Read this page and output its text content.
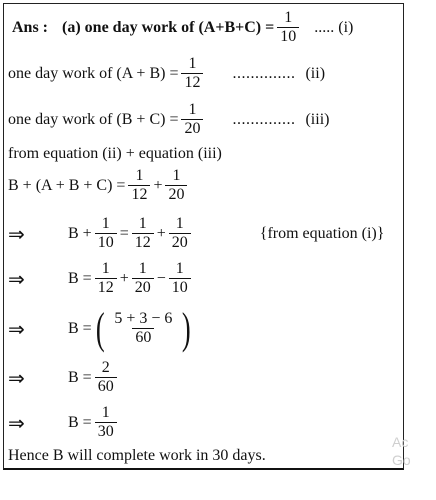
Ans : (a) one day work of $(A+B+C) = \frac{1}{10}$ ..... (i)
one day work of $(A + B) = \frac{1}{12}$ .............. (ii)
one day work of $(B + C) = \frac{1}{20}$ .............. (iii)
from equation (ii) + equation (iii)
$B + (A + B + C) = \frac{1}{12} + \frac{1}{20}$
⇒	$B + \frac{1}{10} = \frac{1}{12} + \frac{1}{20}$	{from equation (i)}
⇒	$B = \frac{1}{12} + \frac{1}{20} - \frac{1}{10}$
⇒	B = ( $\frac{5 + 3 - 6}{60}$ )
⇒	$B = \frac{2}{60}$
⇒	$B = \frac{1}{30}$
Hence B will complete work in 30 days.
Ac
Go
